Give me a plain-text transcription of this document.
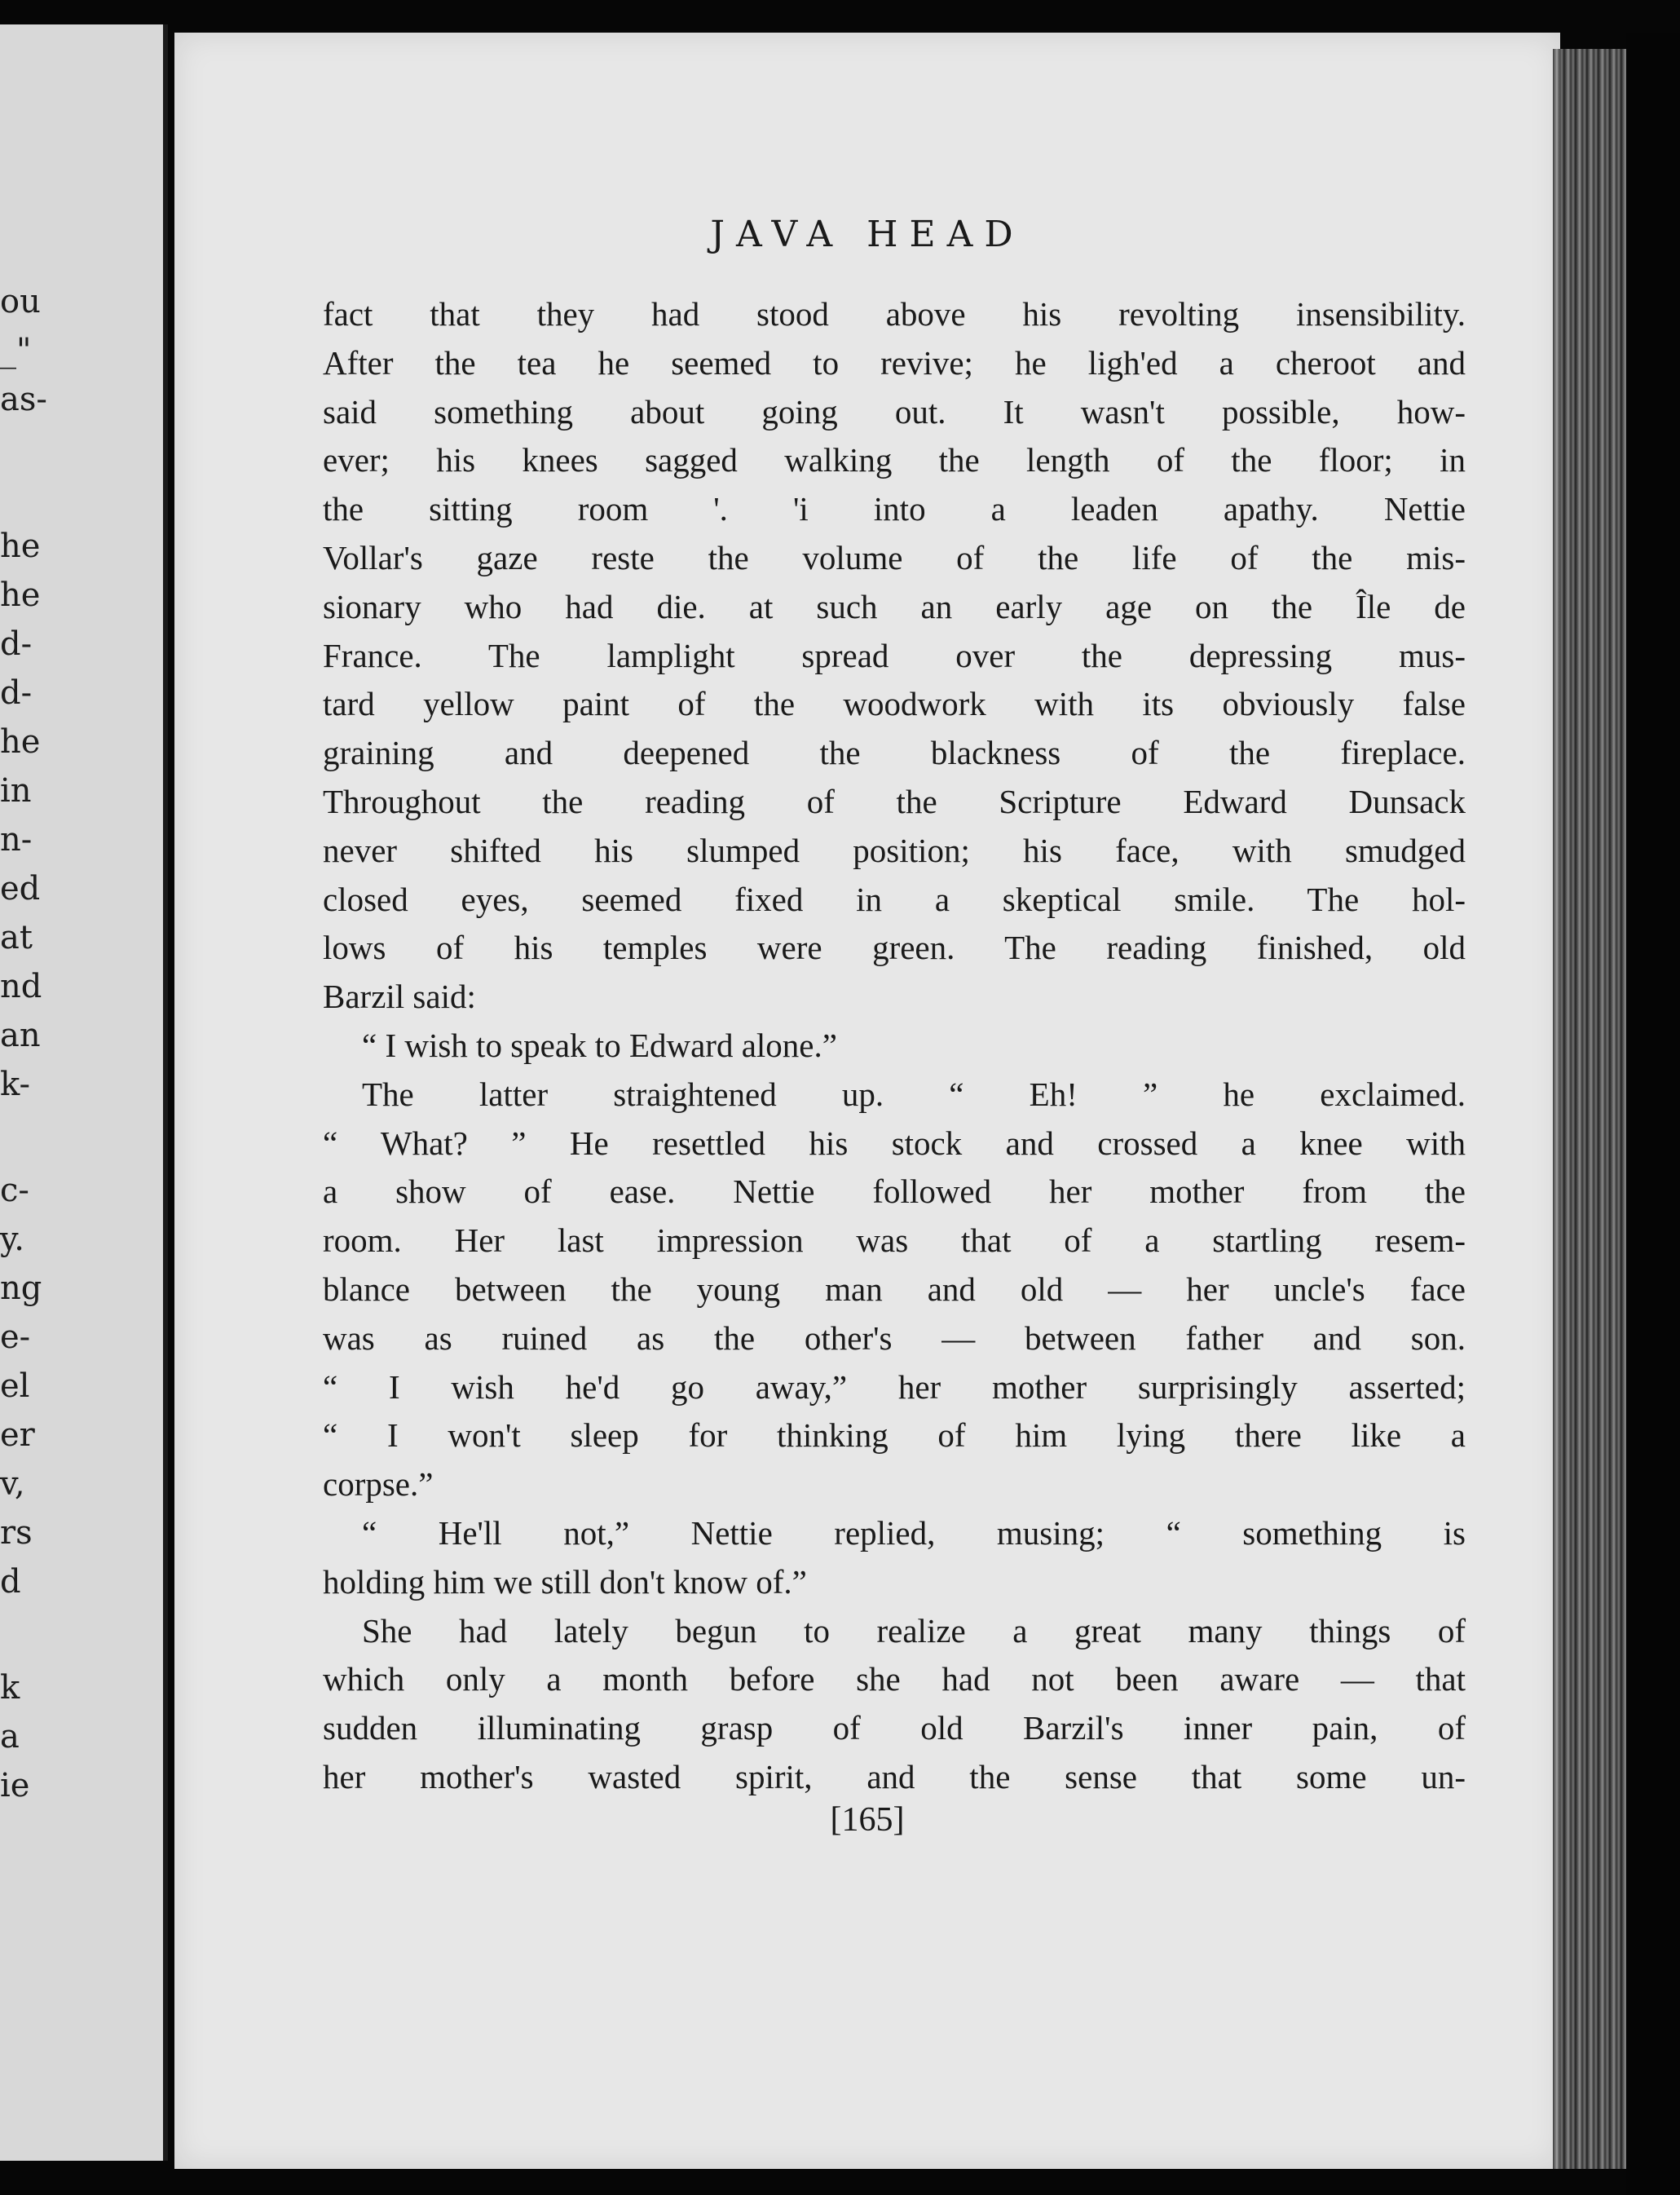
ou
_"
as-
he
he
d-
d-
he
in
n-
ed
at
nd
an
k-
c-
y.
ng
e-
el
er
v,
rs
d
k
a
ie
JAVA HEAD
fact that they had stood above his revolting insensibility.
After the tea he seemed to revive; he ligh'ed a cheroot and
said something about going out. It wasn't possible, how-
ever; his knees sagged walking the length of the floor; in
the sitting room '. 'i into a leaden apathy. Nettie
Vollar's gaze reste the volume of the life of the mis-
sionary who had die. at such an early age on the Île de
France. The lamplight spread over the depressing mus-
tard yellow paint of the woodwork with its obviously false
graining and deepened the blackness of the fireplace.
Throughout the reading of the Scripture Edward Dunsack
never shifted his slumped position; his face, with smudged
closed eyes, seemed fixed in a skeptical smile. The hol-
lows of his temples were green. The reading finished, old
Barzil said:
“ I wish to speak to Edward alone.”
The latter straightened up. “ Eh! ” he exclaimed.
“ What? ” He resettled his stock and crossed a knee with
a show of ease. Nettie followed her mother from the
room. Her last impression was that of a startling resem-
blance between the young man and old — her uncle's face
was as ruined as the other's — between father and son.
“ I wish he'd go away,” her mother surprisingly asserted;
“ I won't sleep for thinking of him lying there like a
corpse.”
“ He'll not,” Nettie replied, musing; “ something is
holding him we still don't know of.”
She had lately begun to realize a great many things of
which only a month before she had not been aware — that
sudden illuminating grasp of old Barzil's inner pain, of
her mother's wasted spirit, and the sense that some un-
[165]
